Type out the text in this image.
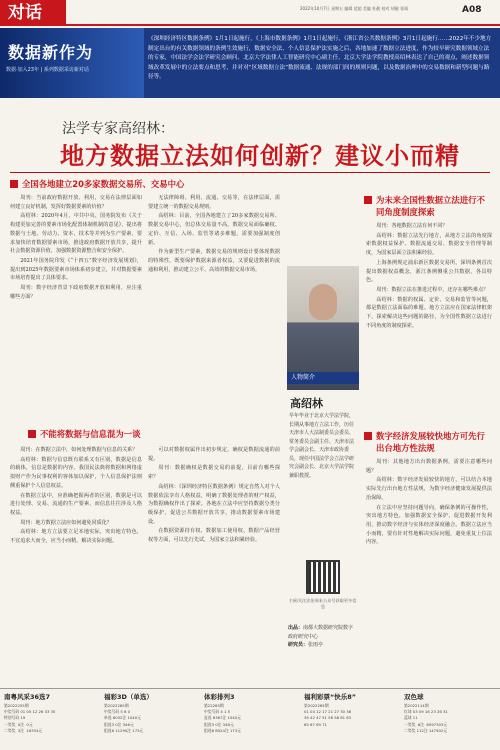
对话	2022年10月7日 星期五 编辑 范超 美编 杜靓 校对 胡靓 张靖	A08
数据新作为
数据·加入23年 | 系列数据采访新对话
《深圳经济特区数据条例》1月1日起施行，《上海市数据条例》1月1日起施行，《浙江省公共数据条例》3月1日起施行……2022年不少地方制定出台的有关数据领域的条例生效施行，数据安全法、个人信息保护法实施之后，各地加速了数据立法进度，作为较早研究数据领域立法的专家，中国法学会法学研究会顾问、北京大学法律人工智能研究中心副主任、北京大学法学院教授高绍林表达了自己的观点，阐述数据领域改革发展中的立法要点和思考，并对对“区域数据立法”数据流通、法规的部门间的规则问题，以及数据治理中的交易数据和新型问题与路径等。
法学专家高绍林：
地方数据立法如何创新？建议小而精
全国各地建立20多家数据交易所、交易中心

周刊：当前政府数据开放、利用，交易在法律层面如何建立良好机制，发挥好数据要素的价值？

高绍林：2020年4月，中共中央、国务院发布《关于构建更加完善的要素市场化配置体制机制的意见》，提出将数据与土地、劳动力、资本、技术等并列为生产要素，要求加快培育数据要素市场，推进政府数据开放共享，提升社会数据资源价值，加强数据资源整合和安全保护。

2021年国务院印发《“十四五”数字经济发展规划》，提出到2025年数据要素市场体系初步建立，并对数据要素市场培育提出了具体要求。

周刊：数字经济背景下政府数据开放和利用，应注重哪些方面？

无法律障碍、利用、流通、交易等，在法律层面，需要建立统一的数据交易规则。

高绍林：目前，全国各地建立了20多家数据交易所、数据交易中心，但总体交易量不高。数据交易面临确权、定价、互信、入场、监管等诸多难题，需要加强制度创新。

作为新型生产要素，数据交易的规则设计要体现数据的特殊性，既要保护数据来源者权益，又要促进数据的流通和利用，推动建立公平、高效的数据交易市场。

不能将数据与信息混为一谈

周刊：在数据立法中，如何处理数据与信息的关系？

高绍林：数据与信息既有联系又有区别，数据是信息的载体，信息是数据的内容。我国民法典将数据和网络虚拟财产作为民事权利的客体加以保护，个人信息保护法则侧重保护个人信息权益。

在数据立法中，应准确把握两者的区别，数据是可以进行处理、交易、流通的生产要素，而信息往往涉及人格权益。

周刊：地方数据立法应如何避免同质化？

高绍林：地方立法要立足本地实际，突出地方特色，不宜追求大而全，应当小而精，解决实际问题。

可以对数据权属作出初步规定，确权是数据流通的前提。

周刊：数据确权是数据交易的前提，目前有哪些探索？

高绍林：《深圳经济特区数据条例》规定自然人对个人数据依法享有人格权益，明确了数据处理者的财产权益，为数据确权作出了探索。各地在立法中应坚持数据分类分级保护，促进公共数据开放共享，推动数据要素市场建设。

在数据资源持有权、数据加工使用权、数据产品经营权等方面，可以先行先试，为国家立法积累经验。

人物简介
高绍林
早年毕业于北京大学法学院，长期从事地方立法工作，历任天津市人大法制委员会委员、常务委员会副主任、天津市法学会副会长、天津市政协委员，现任中国法学会立法学研究会副会长、北京大学法学院兼职教授。
扫码关注法治周末公众号获取更多信息
出品：南都大数据研究院数字政府研究中心
研究员：张雨亭
为未来全国性数据立法进行不同角度制度探索

周刊：各地数据立法有何不同？

高绍林：数据立法先行地方，从地方立法的角度探索数据权益保护、数据流通交易、数据安全管理等制度，为国家层面立法积累经验。

上海条例规定浦东新区数据交易所，深圳条例首次提出数据权益概念，浙江条例侧重公共数据，各具特色。

周刊：数据立法在推进过程中，还存在哪些难点？

高绍林：数据的权属、定价、交易和监管等问题，都是数据立法面临的难题。地方立法应在国家法律框架下，探索解决这些问题的路径，为全国性数据立法进行不同角度的制度探索。

数字经济发展较快地方可先行出台地方性法规

周刊：其他地方出台数据条例，需要注意哪些问题？

高绍林：数字经济发展较快的地方，可以结合本地实际先行出台地方性法规，为数字经济健康发展提供法治保障。

在立法中应坚持问题导向，确保条例的可操作性，突出地方特色，加强数据安全保护，促进数据开发利用，推动数字经济与实体经济深度融合。数据立法应当小而精，要有针对性地解决实际问题，避免重复上位法内容。

南粤风采36选7
第2022255期
中奖号码 01 05 12 26 33 35
特别号码 19
一等奖  0注  0元
二等奖  3注  16334元
福彩3D（单选）
第2022265期
中奖号码 5 8 0
单选 6032注 1040元
组选3 0注 346元
组选6 11290注 173元
体彩排列3
第22265期
中奖号码 4 1 5
直选 6367注 1040元
组选3 0注 346元
组选6 8024注 173元
福利彩票“快乐8”
第2022265期
01 04 12 17 21 27 30 38
39 42 47 51 56 58 61 63
65 67 69 71
双色球
第2022114期
红球 03 09 16 23 26 31
蓝球 11
一等奖  6注  6597303元
二等奖 112注 147502元
